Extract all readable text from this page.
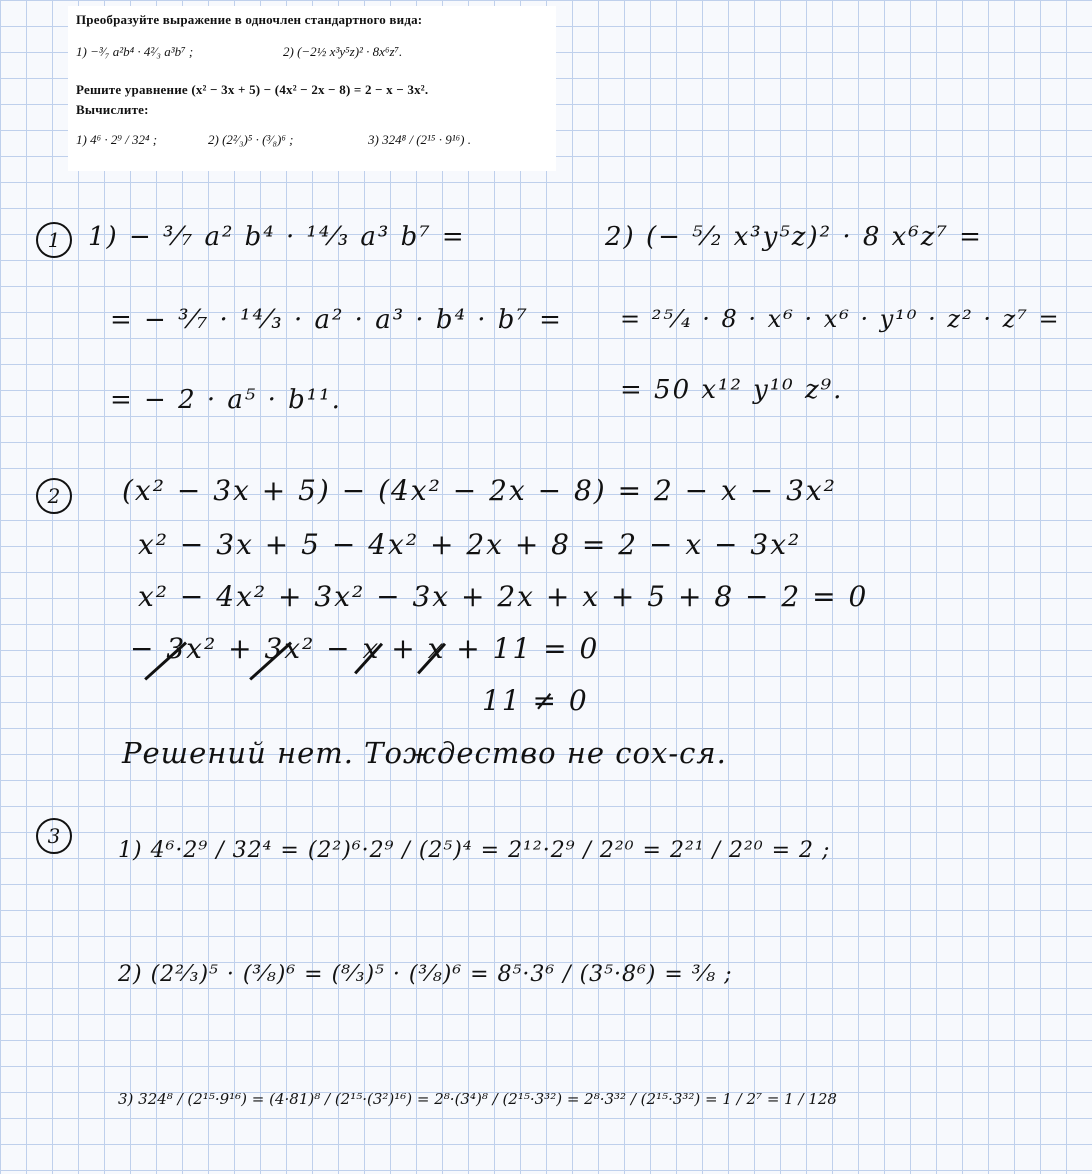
Преобразуйте выражение в одночлен стандартного вида:
1) −³⁄₇ a²b⁴ · 4²⁄₃ a³b⁷ ;	2) (−2½ x³y⁵z)² · 8x⁶z⁷.
Решите уравнение (x² − 3x + 5) − (4x² − 2x − 8) = 2 − x − 3x².
Вычислите:
1) 4⁶ · 2⁹ / 32⁴ ;	2) (2²⁄₃)⁵ · (³⁄₈)⁶ ;	3) 324⁸ / (2¹⁵ · 9¹⁶) .
1	1) − ³⁄₇ a² b⁴ · ¹⁴⁄₃ a³ b⁷ =
= − ³⁄₇ · ¹⁴⁄₃ · a² · a³ · b⁴ · b⁷ =
= − 2 · a⁵ · b¹¹.
2) (− ⁵⁄₂ x³y⁵z)² · 8 x⁶z⁷ =
= ²⁵⁄₄ · 8 · x⁶ · x⁶ · y¹⁰ · z² · z⁷ =
= 50 x¹² y¹⁰ z⁹.
2	(x² − 3x + 5) − (4x² − 2x − 8) = 2 − x − 3x²
x² − 3x + 5 − 4x² + 2x + 8 = 2 − x − 3x²
x² − 4x² + 3x² − 3x + 2x + x + 5 + 8 − 2 = 0
− 3x² + 3x² − x + x + 11 = 0
11 ≠ 0
Решений нет. Тождество не сох-ся.
3
1) 4⁶·2⁹ / 32⁴ = (2²)⁶·2⁹ / (2⁵)⁴ = 2¹²·2⁹ / 2²⁰ = 2²¹ / 2²⁰ = 2 ;
2) (2²⁄₃)⁵ · (³⁄₈)⁶ = (⁸⁄₃)⁵ · (³⁄₈)⁶ = 8⁵·3⁶ / (3⁵·8⁶) = ³⁄₈ ;
3) 324⁸ / (2¹⁵·9¹⁶) = (4·81)⁸ / (2¹⁵·(3²)¹⁶) = 2⁸·(3⁴)⁸ / (2¹⁵·3³²) = 2⁸·3³² / (2¹⁵·3³²) = 1 / 2⁷ = 1 / 128
